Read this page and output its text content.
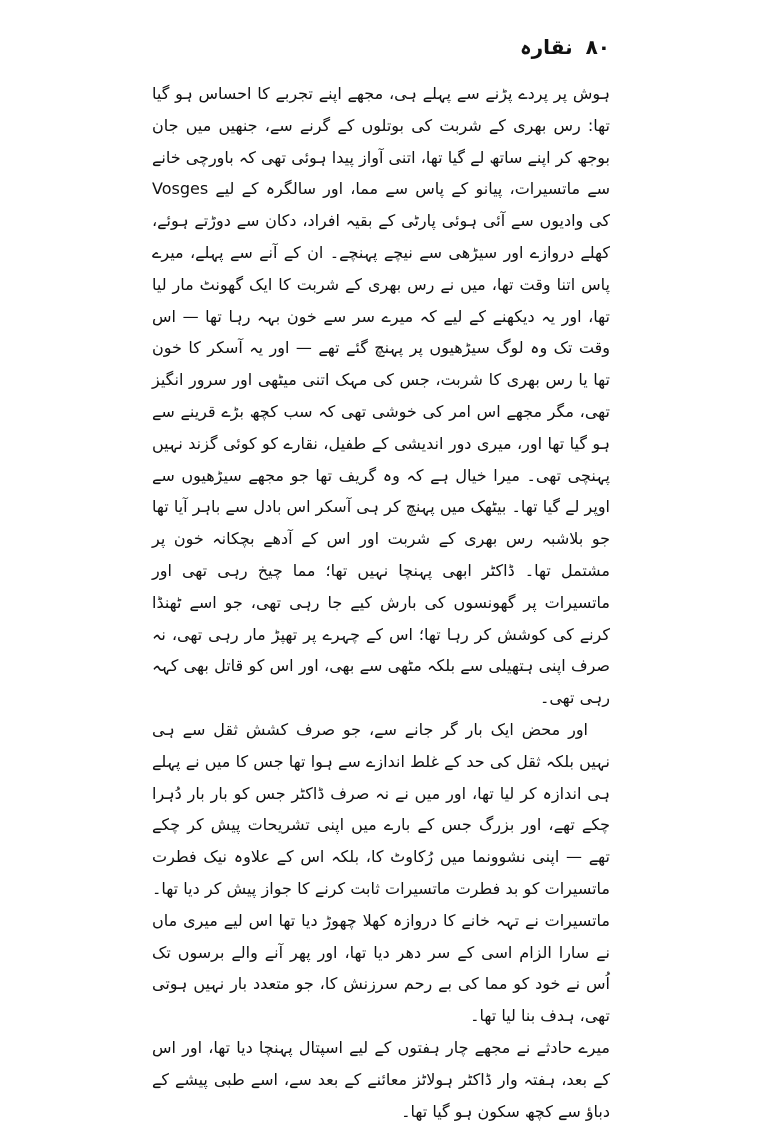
۸۰ نقارہ

ہوش پر پردے پڑنے سے پہلے ہی، مجھے اپنے تجربے کا احساس ہو گیا تھا: رس بھری کے شربت کی بوتلوں کے گرنے سے، جنھیں میں جان بوجھ کر اپنے ساتھ لے گیا تھا، اتنی آواز پیدا ہوئی تھی کہ باورچی خانے سے ماتسیرات، پیانو کے پاس سے مما، اور سالگرہ کے لیے Vosges کی وادیوں سے آئی ہوئی پارٹی کے بقیہ افراد، دکان سے دوڑتے ہوئے، کھلے دروازے اور سیڑھی سے نیچے پہنچے۔ ان کے آنے سے پہلے، میرے پاس اتنا وقت تھا، میں نے رس بھری کے شربت کا ایک گھونٹ مار لیا تھا، اور یہ دیکھنے کے لیے کہ میرے سر سے خون بہہ رہا تھا — اس وقت تک وہ لوگ سیڑھیوں پر پہنچ گئے تھے — اور یہ آسکر کا خون تھا یا رس بھری کا شربت، جس کی مہک اتنی میٹھی اور سرور انگیز تھی، مگر مجھے اس امر کی خوشی تھی کہ سب کچھ بڑے قرینے سے ہو گیا تھا اور، میری دور اندیشی کے طفیل، نقارے کو کوئی گزند نہیں پہنچی تھی۔ میرا خیال ہے کہ وہ گریف تھا جو مجھے سیڑھیوں سے اوپر لے گیا تھا۔ بیٹھک میں پہنچ کر ہی آسکر اس بادل سے باہر آیا تھا جو بلاشبہ رس بھری کے شربت اور اس کے آدھے بچکانہ خون پر مشتمل تھا۔ ڈاکٹر ابھی پہنچا نہیں تھا؛ مما چیخ رہی تھی اور ماتسیرات پر گھونسوں کی بارش کیے جا رہی تھی، جو اسے ٹھنڈا کرنے کی کوشش کر رہا تھا؛ اس کے چہرے پر تھپڑ مار رہی تھی، نہ صرف اپنی ہتھیلی سے بلکہ مٹھی سے بھی، اور اس کو قاتل بھی کہہ رہی تھی۔

اور محض ایک بار گر جانے سے، جو صرف کشش ثقل سے ہی نہیں بلکہ ثقل کی حد کے غلط اندازے سے ہوا تھا جس کا میں نے پہلے ہی اندازہ کر لیا تھا، اور میں نے نہ صرف ڈاکٹر جس کو بار بار دُہرا چکے تھے، اور بزرگ جس کے بارے میں اپنی تشریحات پیش کر چکے تھے — اپنی نشوونما میں رُکاوٹ کا، بلکہ اس کے علاوہ نیک فطرت ماتسیرات کو بد فطرت ماتسیرات ثابت کرنے کا جواز پیش کر دیا تھا۔ ماتسیرات نے تہہ خانے کا دروازہ کھلا چھوڑ دیا تھا اس لیے میری ماں نے سارا الزام اسی کے سر دھر دیا تھا، اور پھر آنے والے برسوں تک اُس نے خود کو مما کی بے رحم سرزنش کا، جو متعدد بار نہیں ہوتی تھی، ہدف بنا لیا تھا۔

میرے حادثے نے مجھے چار ہفتوں کے لیے اسپتال پہنچا دیا تھا، اور اس کے بعد، ہفتہ وار ڈاکٹر ہولاٹز معائنے کے بعد سے، اسے طبی پیشے کے دباؤ سے کچھ سکون ہو گیا تھا۔
